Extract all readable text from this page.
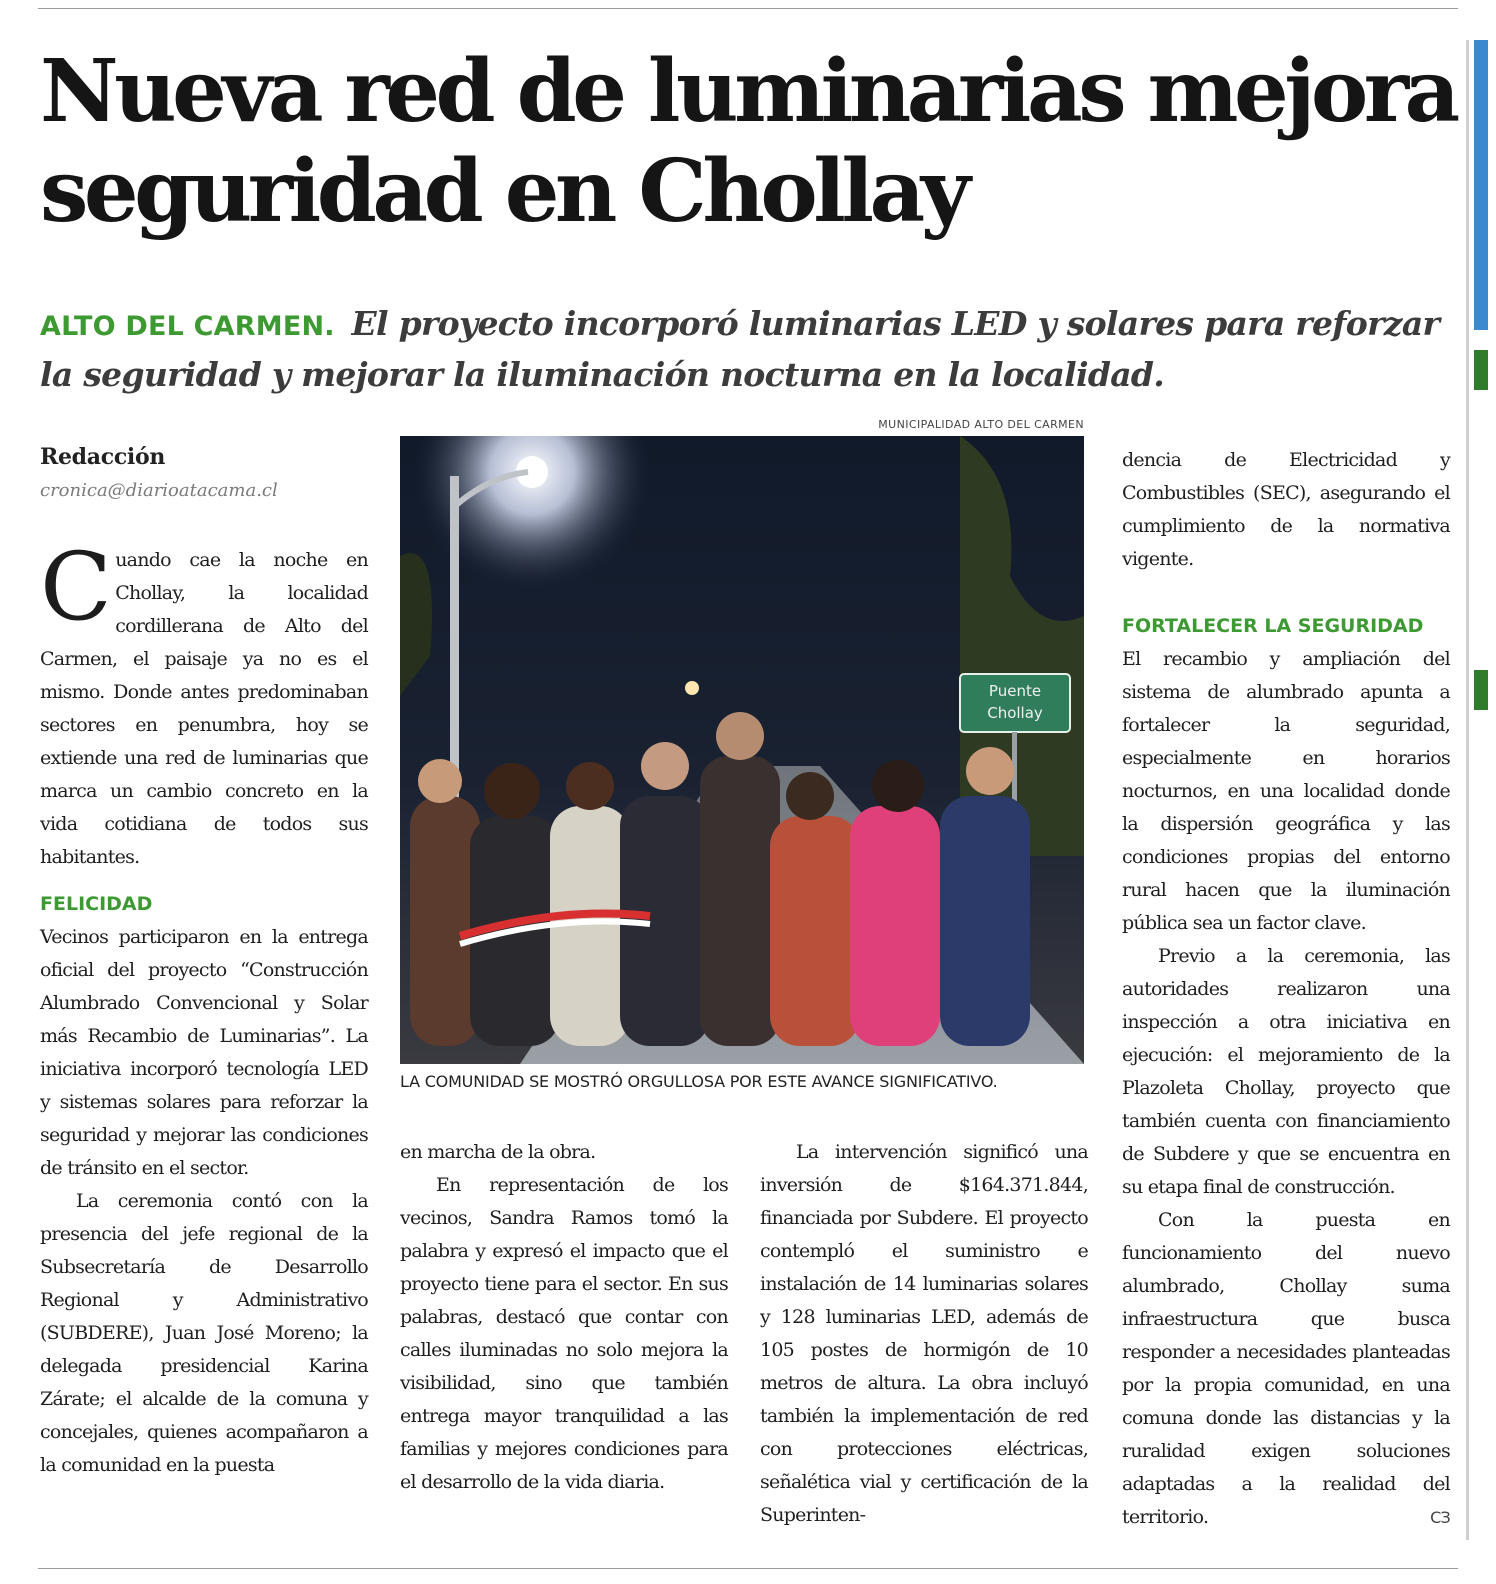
Nueva red de luminarias mejora
seguridad en Chollay

ALTO DEL CARMEN. El proyecto incorporó luminarias LED y solares para reforzar la seguridad y mejorar la iluminación nocturna en la localidad.

Redacción
cronica@diarioatacama.cl

Cuando cae la noche en Chollay, la localidad cordillerana de Alto del Carmen, el paisaje ya no es el mismo. Donde antes predominaban sectores en penumbra, hoy se extiende una red de luminarias que marca un cambio concreto en la vida cotidiana de todos sus habitantes.

FELICIDAD

Vecinos participaron en la entrega oficial del proyecto “Construcción Alumbrado Convencional y Solar más Recambio de Luminarias”. La iniciativa incorporó tecnología LED y sistemas solares para reforzar la seguridad y mejorar las condiciones de tránsito en el sector.

La ceremonia contó con la presencia del jefe regional de la Subsecretaría de Desarrollo Regional y Administrativo (SUBDERE), Juan José Moreno; la delegada presidencial Karina Zárate; el alcalde de la comuna y concejales, quienes acompañaron a la comunidad en la puesta

MUNICIPALIDAD ALTO DEL CARMEN
Puente
Chollay
LA COMUNIDAD SE MOSTRÓ ORGULLOSA POR ESTE AVANCE SIGNIFICATIVO.

en marcha de la obra.

En representación de los vecinos, Sandra Ramos tomó la palabra y expresó el impacto que el proyecto tiene para el sector. En sus palabras, destacó que contar con calles iluminadas no solo mejora la visibilidad, sino que también entrega mayor tranquilidad a las familias y mejores condiciones para el desarrollo de la vida diaria.

La intervención significó una inversión de $164.371.844, financiada por Subdere. El proyecto contempló el suministro e instalación de 14 luminarias solares y 128 luminarias LED, además de 105 postes de hormigón de 10 metros de altura. La obra incluyó también la implementación de red con protecciones eléctricas, señalética vial y certificación de la Superinten-

dencia de Electricidad y Combustibles (SEC), asegurando el cumplimiento de la normativa vigente.

FORTALECER LA SEGURIDAD

El recambio y ampliación del sistema de alumbrado apunta a fortalecer la seguridad, especialmente en horarios nocturnos, en una localidad donde la dispersión geográfica y las condiciones propias del entorno rural hacen que la iluminación pública sea un factor clave.

Previo a la ceremonia, las autoridades realizaron una inspección a otra iniciativa en ejecución: el mejoramiento de la Plazoleta Chollay, proyecto que también cuenta con financiamiento de Subdere y que se encuentra en su etapa final de construcción.

Con la puesta en funcionamiento del nuevo alumbrado, Chollay suma infraestructura que busca responder a necesidades planteadas por la propia comunidad, en una comuna donde las distancias y la ruralidad exigen soluciones adaptadas a la realidad del territorio.	CЗ
